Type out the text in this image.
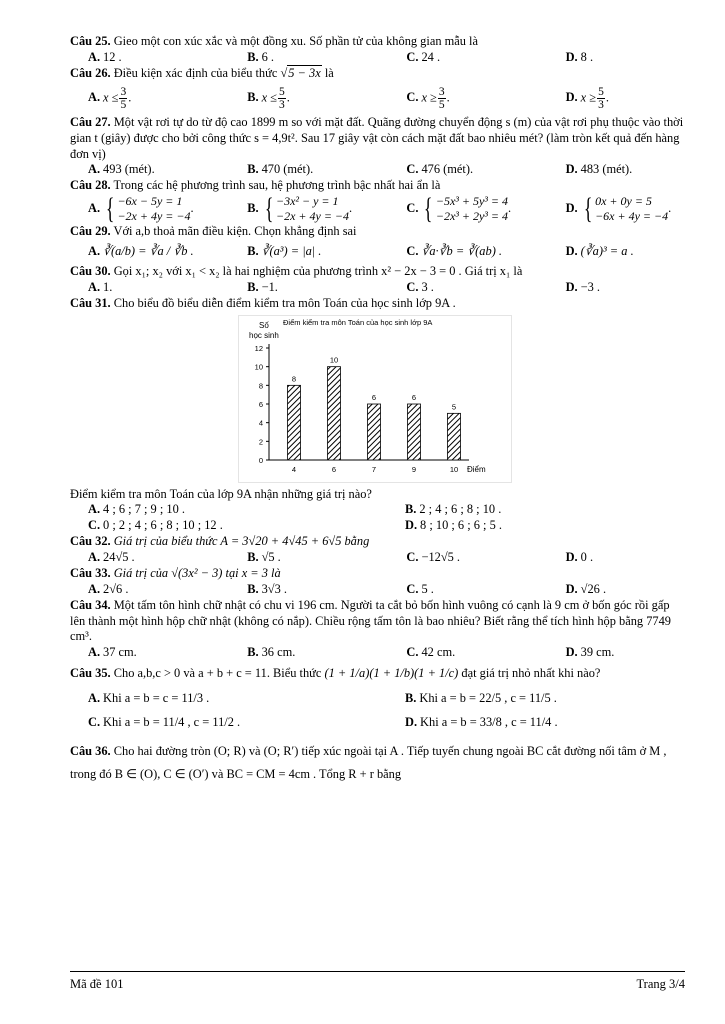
Câu 25. Gieo một con xúc xắc và một đồng xu. Số phần tử của không gian mẫu là

A. 12 .	B. 6 .	C. 24 .	D. 8 .

Câu 26. Điều kiện xác định của biểu thức √5 − 3x là

A. $x \le \frac{3}{5}$ .	B. $x \le \frac{5}{3}$ .	C. $x \ge \frac{3}{5}$ .	D. $x \ge \frac{5}{3}$ .

Câu 27. Một vật rơi tự do từ độ cao 1899 m so với mặt đất. Quãng đường chuyển động s (m) của vật rơi phụ thuộc vào thời gian t (giây) được cho bởi công thức s = 4,9t². Sau 17 giây vật còn cách mặt đất bao nhiêu mét? (làm tròn kết quả đến hàng đơn vị)

A. 493 (mét).	B. 470 (mét).	C. 476 (mét).	D. 483 (mét).

Câu 28. Trong các hệ phương trình sau, hệ phương trình bậc nhất hai ẩn là

A. { −6x − 5y = 1
−2x + 4y = −4
.	B. { −3x² − y = 1
−2x + 4y = −4
.	C. { −5x³ + 5y³ = 4
−2x³ + 2y³ = 4
.	D. { 0x + 0y = 5
−6x + 4y = −4
.

Câu 29. Với a,b thoả mãn điều kiện. Chọn khẳng định sai

A. ∛(a/b) = ∛a / ∛b .	B. ∛(a³) = |a| .	C. ∛a·∛b = ∛(ab) .	D. (∛a)³ = a .

Câu 30. Gọi x₁; x₂ với x₁ < x₂ là hai nghiệm của phương trình x² − 2x − 3 = 0 . Giá trị x₁ là

A. 1.	B. −1.	C. 3 .	D. −3 .

Câu 31. Cho biểu đồ biểu diễn điểm kiểm tra môn Toán của học sinh lớp 9A .

Số
học sinh
Điểm kiểm tra môn Toán của học sinh lớp 9A
Điểm
0
2
4
6
8
10
12
8
4
10
6
6
7
6
9
5
10

Điểm kiểm tra môn Toán của lớp 9A nhận những giá trị nào?

A. 4 ; 6 ; 7 ; 9 ; 10 .	B. 2 ; 4 ; 6 ; 8 ; 10 .
C. 0 ; 2 ; 4 ; 6 ; 8 ; 10 ; 12 .	D. 8 ; 10 ; 6 ; 6 ; 5 .

Câu 32. Giá trị của biểu thức A = 3√20 + 4√45 + 6√5 bằng

A. 24√5 .	B. √5 .	C. −12√5 .	D. 0 .

Câu 33. Giá trị của √(3x² − 3) tại x = 3 là

A. 2√6 .	B. 3√3 .	C. 5 .	D. √26 .

Câu 34. Một tấm tôn hình chữ nhật có chu vi 196 cm. Người ta cắt bỏ bốn hình vuông có cạnh là 9 cm ở bốn góc rồi gấp lên thành một hình hộp chữ nhật (không có nắp). Chiều rộng tấm tôn là bao nhiêu? Biết rằng thể tích hình hộp bằng 7749 cm³.

A. 37 cm.	B. 36 cm.	C. 42 cm.	D. 39 cm.

Câu 35. Cho a,b,c > 0 và a + b + c = 11. Biểu thức (1 + 1/a)(1 + 1/b)(1 + 1/c) đạt giá trị nhỏ nhất khi nào?

A. Khi a = b = c = 11/3 .	B. Khi a = b = 22/5 , c = 11/5 .
C. Khi a = b = 11/4 , c = 11/2 .	D. Khi a = b = 33/8 , c = 11/4 .

Câu 36. Cho hai đường tròn (O; R) và (O; R′) tiếp xúc ngoài tại A . Tiếp tuyến chung ngoài BC cắt đường nối tâm ở M , trong đó B ∈ (O), C ∈ (O′) và BC = CM = 4cm . Tổng R + r bằng

Mã đề 101	Trang 3/4
